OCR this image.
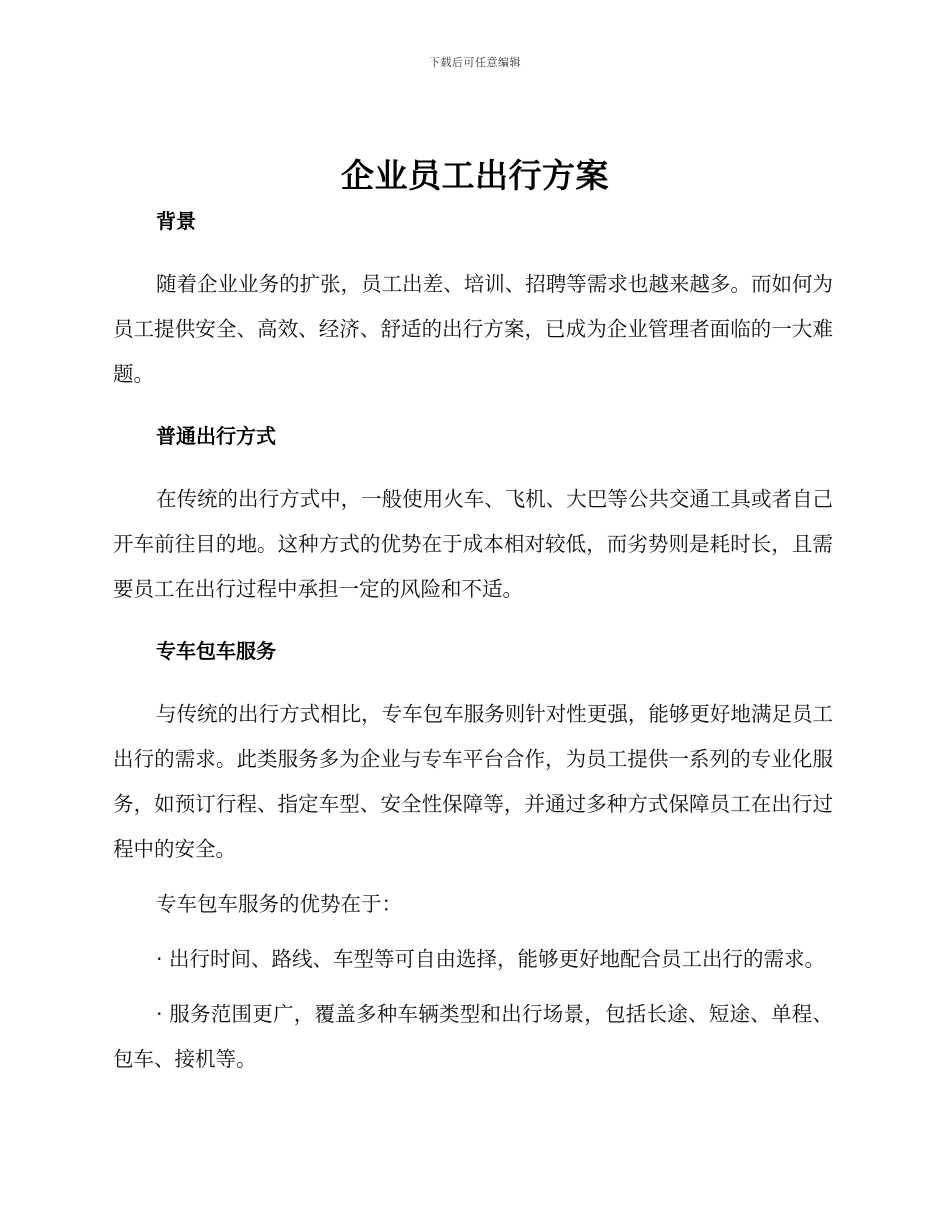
下载后可任意编辑
企业员工出行方案
背景

随着企业业务的扩张，员工出差、培训、招聘等需求也越来越多。而如何为员工提供安全、高效、经济、舒适的出行方案，已成为企业管理者面临的一大难题。

普通出行方式

在传统的出行方式中，一般使用火车、飞机、大巴等公共交通工具或者自己开车前往目的地。这种方式的优势在于成本相对较低，而劣势则是耗时长，且需要员工在出行过程中承担一定的风险和不适。

专车包车服务

与传统的出行方式相比，专车包车服务则针对性更强，能够更好地满足员工出行的需求。此类服务多为企业与专车平台合作，为员工提供一系列的专业化服务，如预订行程、指定车型、安全性保障等，并通过多种方式保障员工在出行过程中的安全。

专车包车服务的优势在于：

· 出行时间、路线、车型等可自由选择，能够更好地配合员工出行的需求。

· 服务范围更广，覆盖多种车辆类型和出行场景，包括长途、短途、单程、包车、接机等。
